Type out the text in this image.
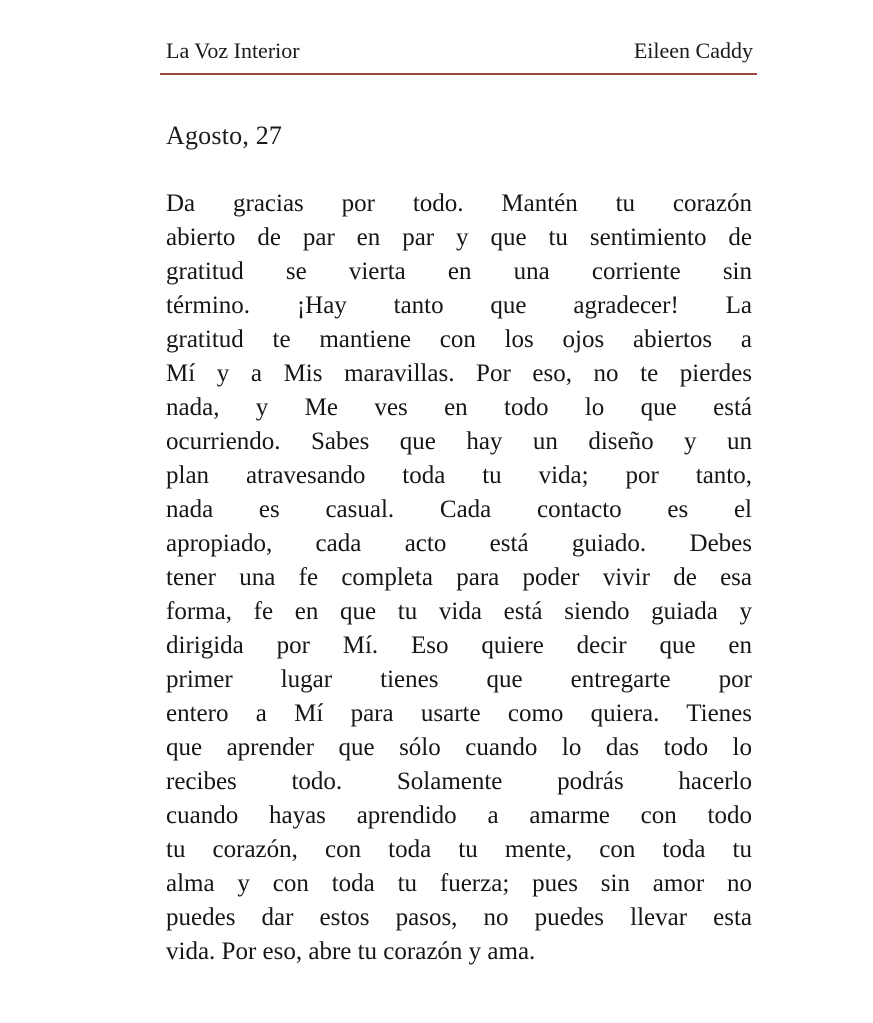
La Voz Interior	Eileen Caddy
Agosto, 27
Da gracias por todo. Mantén tu corazón
abierto de par en par y que tu sentimiento de
gratitud se vierta en una corriente sin
término. ¡Hay tanto que agradecer! La
gratitud te mantiene con los ojos abiertos a
Mí y a Mis maravillas. Por eso, no te pierdes
nada, y Me ves en todo lo que está
ocurriendo. Sabes que hay un diseño y un
plan atravesando toda tu vida; por tanto,
nada es casual. Cada contacto es el
apropiado, cada acto está guiado. Debes
tener una fe completa para poder vivir de esa
forma, fe en que tu vida está siendo guiada y
dirigida por Mí. Eso quiere decir que en
primer lugar tienes que entregarte por
entero a Mí para usarte como quiera. Tienes
que aprender que sólo cuando lo das todo lo
recibes todo. Solamente podrás hacerlo
cuando hayas aprendido a amarme con todo
tu corazón, con toda tu mente, con toda tu
alma y con toda tu fuerza; pues sin amor no
puedes dar estos pasos, no puedes llevar esta
vida. Por eso, abre tu corazón y ama.
